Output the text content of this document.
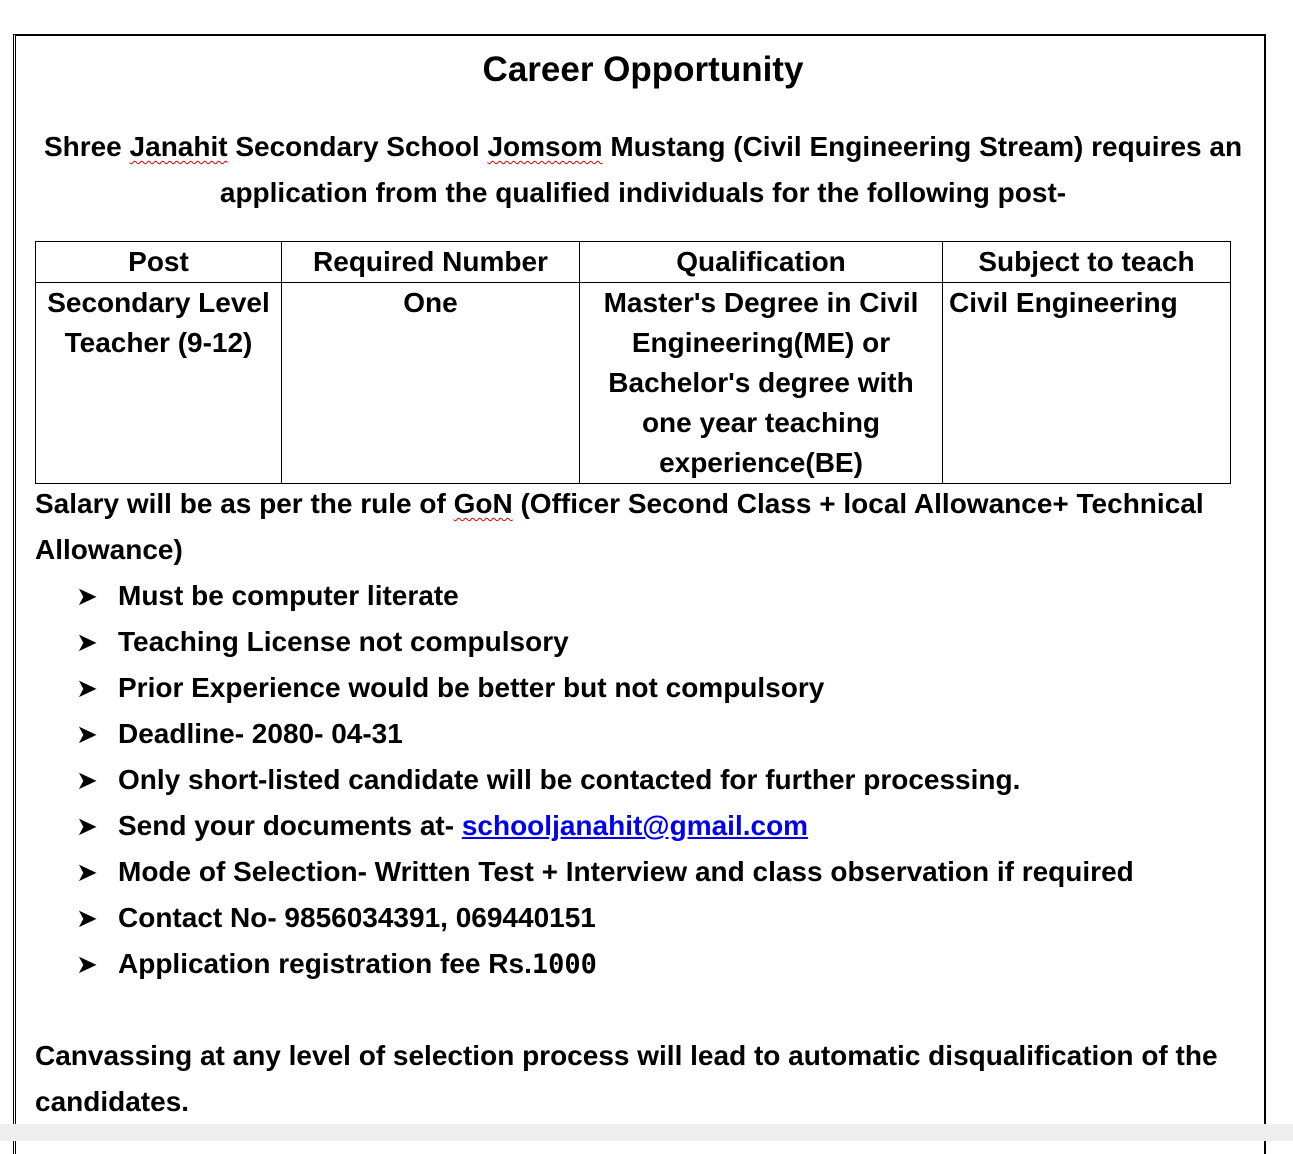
Career Opportunity
Shree Janahit Secondary School Jomsom Mustang (Civil Engineering Stream) requires an application from the qualified individuals for the following post-
Post	Required Number	Qualification	Subject to teach
Secondary Level Teacher (9-12)	One	Master's Degree in Civil Engineering(ME) or Bachelor's degree with one year teaching experience(BE)	Civil Engineering
Salary will be as per the rule of GoN (Officer Second Class + local Allowance+ Technical Allowance)
➤ Must be computer literate
➤ Teaching License not compulsory
➤ Prior Experience would be better but not compulsory
➤ Deadline- 2080- 04-31
➤ Only short-listed candidate will be contacted for further processing.
➤ Send your documents at- schooljanahit@gmail.com
➤ Mode of Selection- Written Test + Interview and class observation if required
➤ Contact No- 9856034391, 069440151
➤ Application registration fee Rs.1000
Canvassing at any level of selection process will lead to automatic disqualification of the candidates.
